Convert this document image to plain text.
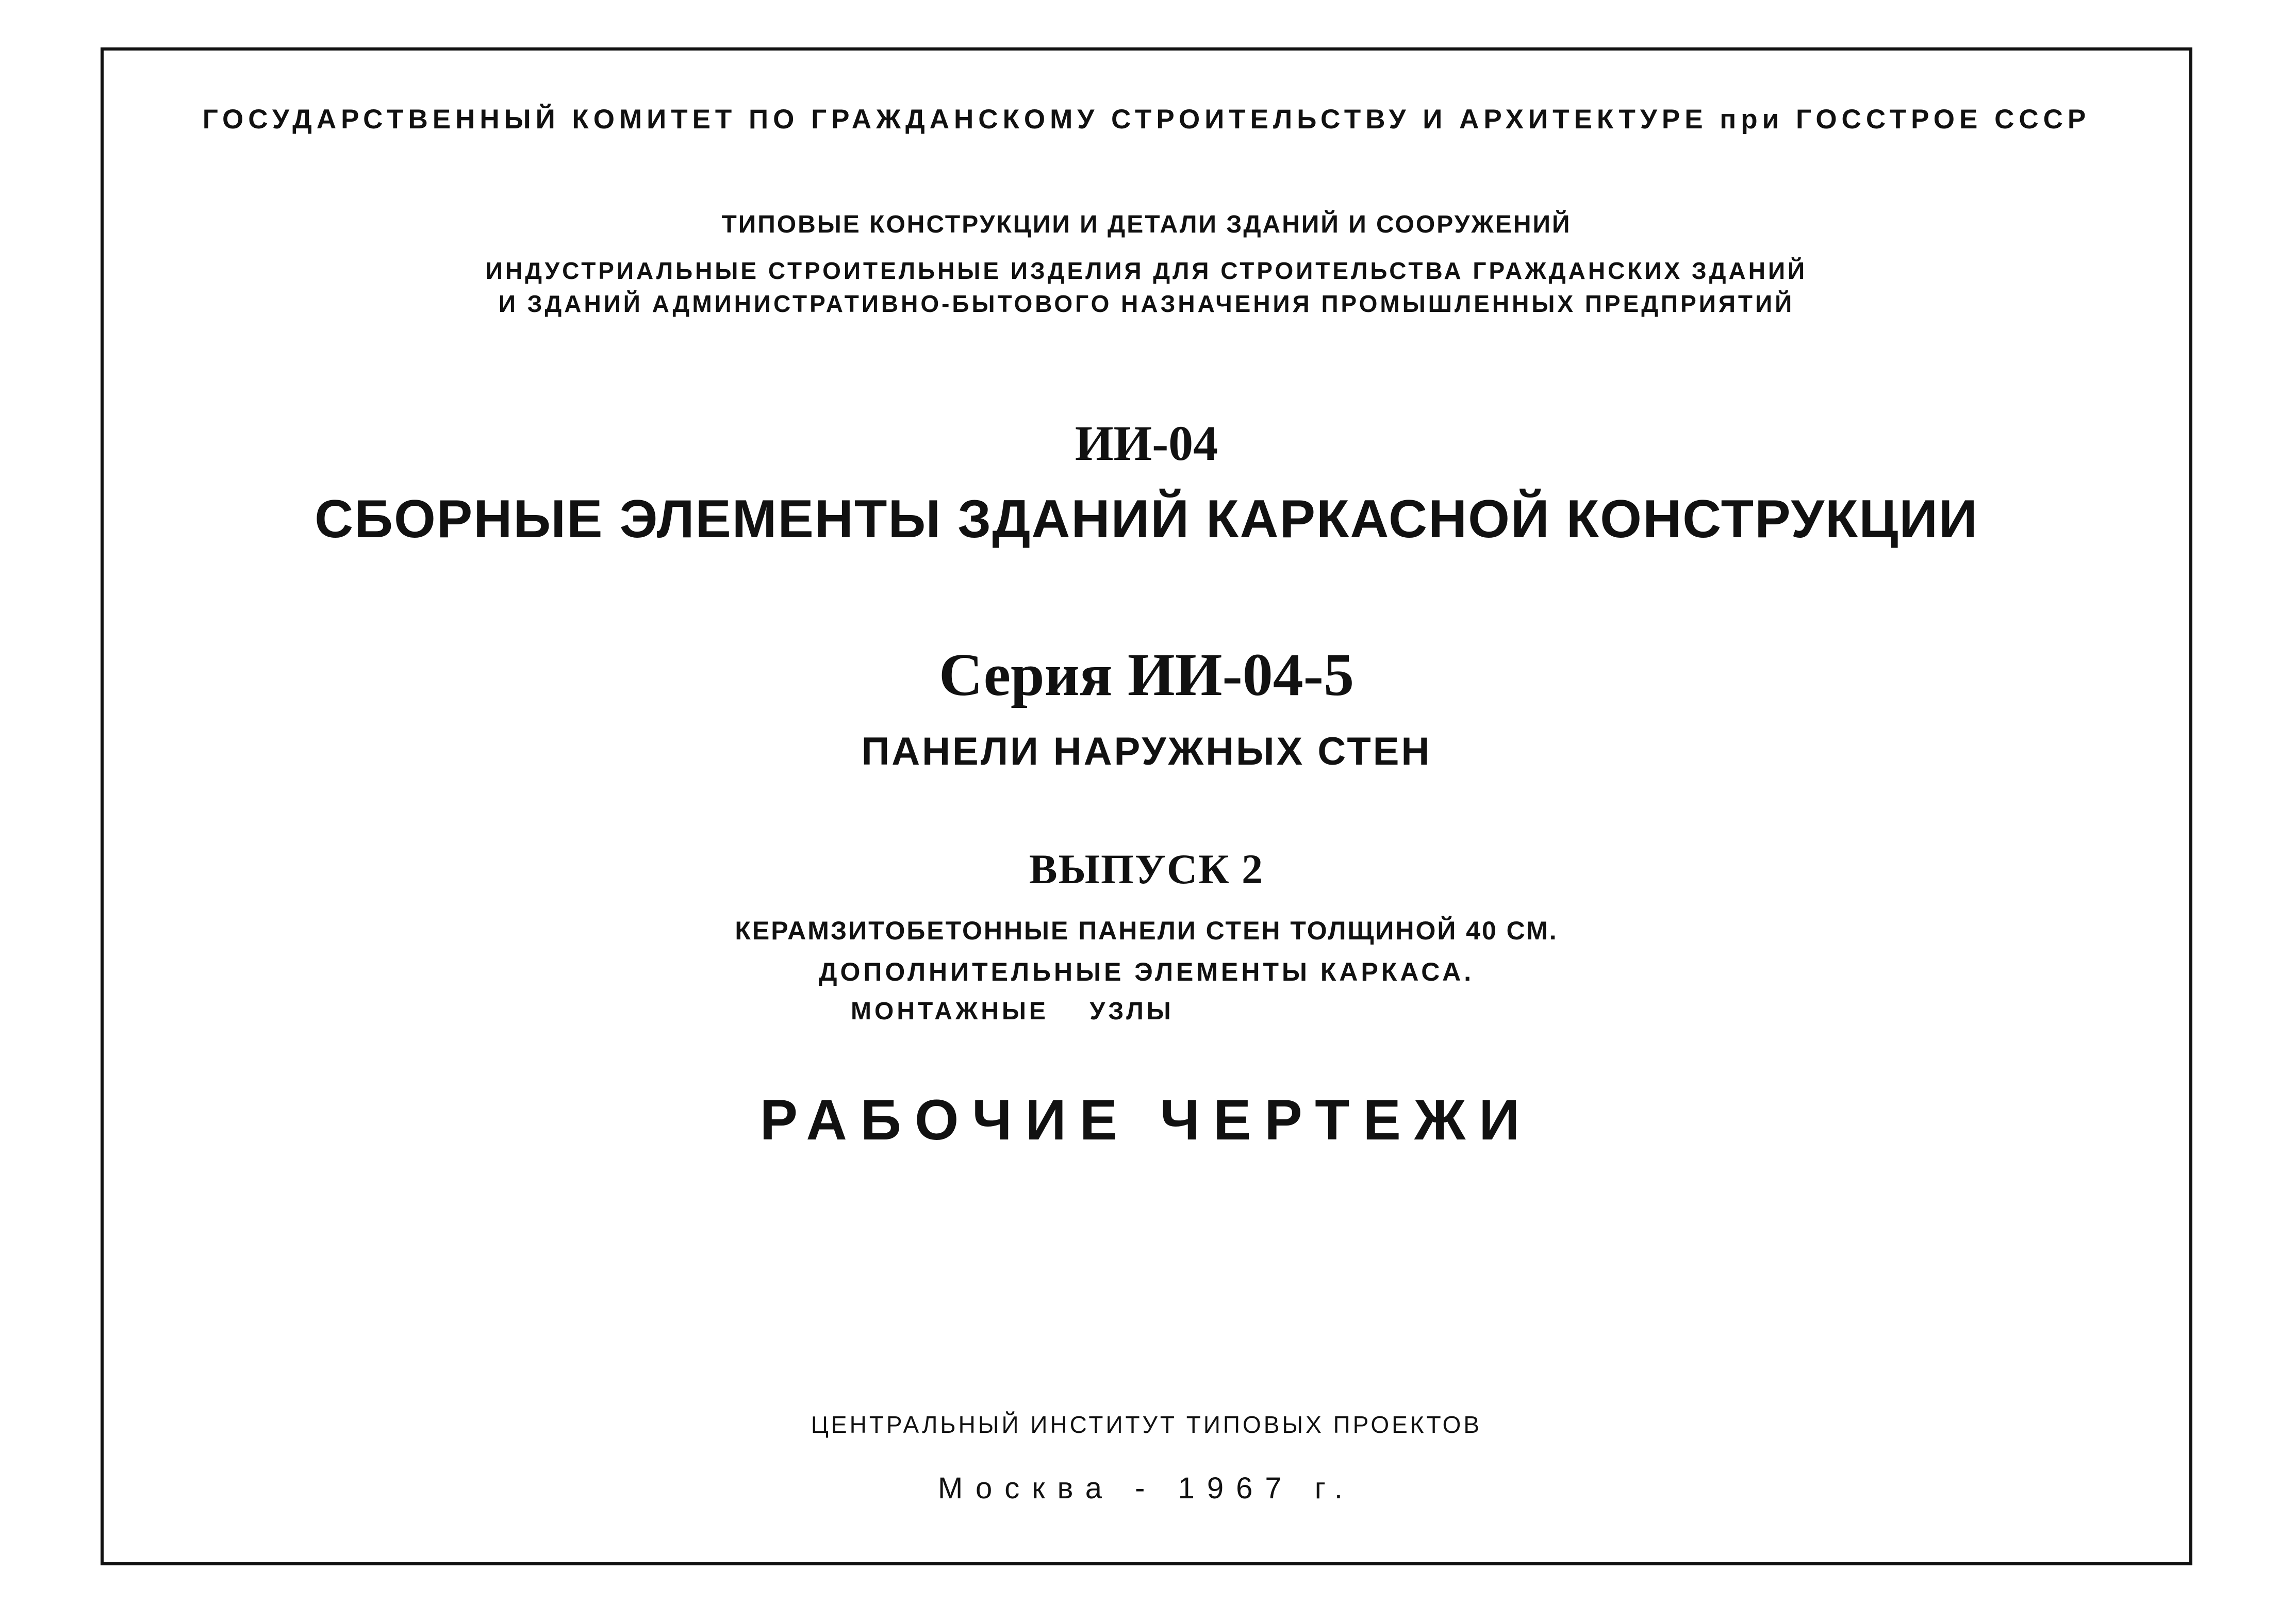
ГОСУДАРСТВЕННЫЙ КОМИТЕТ ПО ГРАЖДАНСКОМУ СТРОИТЕЛЬСТВУ И АРХИТЕКТУРЕ при ГОССТРОЕ СССР
ТИПОВЫЕ КОНСТРУКЦИИ И ДЕТАЛИ ЗДАНИЙ И СООРУЖЕНИЙ
ИНДУСТРИАЛЬНЫЕ СТРОИТЕЛЬНЫЕ ИЗДЕЛИЯ ДЛЯ СТРОИТЕЛЬСТВА ГРАЖДАНСКИХ ЗДАНИЙ
И ЗДАНИЙ АДМИНИСТРАТИВНО-БЫТОВОГО НАЗНАЧЕНИЯ ПРОМЫШЛЕННЫХ ПРЕДПРИЯТИЙ
ИИ-04
СБОРНЫЕ ЭЛЕМЕНТЫ ЗДАНИЙ КАРКАСНОЙ КОНСТРУКЦИИ
Серия ИИ-04-5
ПАНЕЛИ НАРУЖНЫХ СТЕН
ВЫПУСК 2
КЕРАМЗИТОБЕТОННЫЕ ПАНЕЛИ СТЕН ТОЛЩИНОЙ 40 СМ.
ДОПОЛНИТЕЛЬНЫЕ ЭЛЕМЕНТЫ КАРКАСА.
МОНТАЖНЫЕ УЗЛЫ
РАБОЧИЕ ЧЕРТЕЖИ
ЦЕНТРАЛЬНЫЙ ИНСТИТУТ ТИПОВЫХ ПРОЕКТОВ
Москва - 1967 г.
